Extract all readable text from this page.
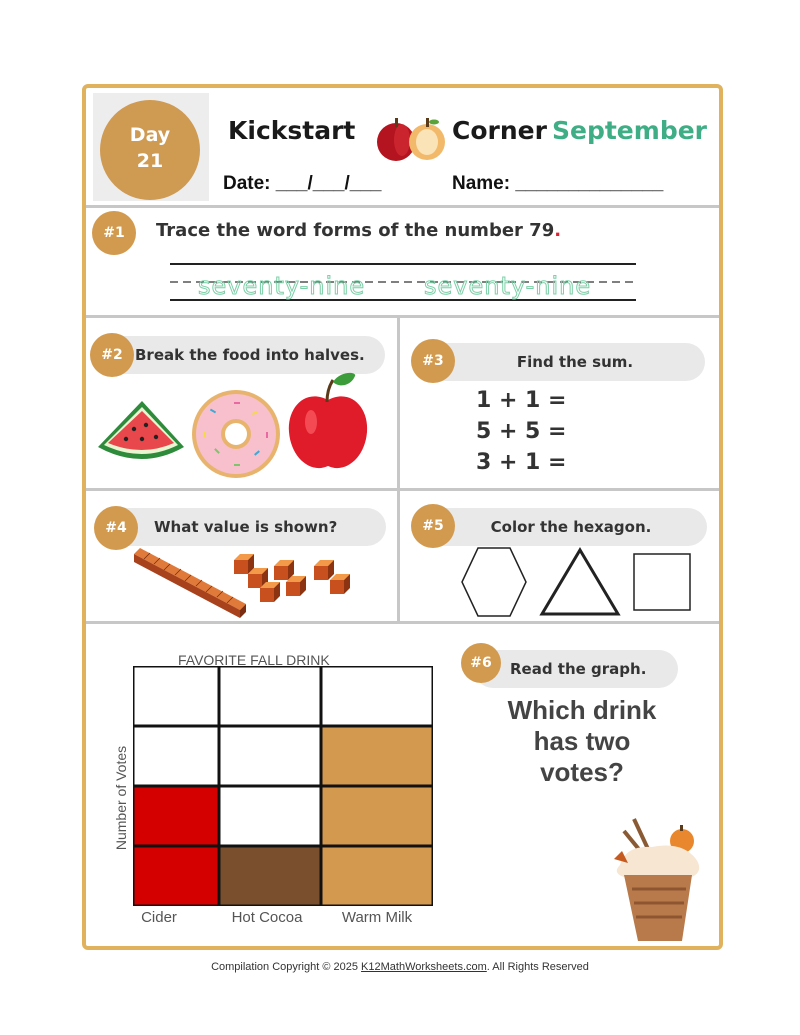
Day
21
Kickstart	Corner September
Date: ___/___/___	Name: ______________
#1	Trace the word forms of the number 79.
seventy-nine seventy-nine
Break the food into halves.
#2	Find the sum.
#3
1 + 1 =
5 + 5 =
3 + 1 =
What value is shown?
#4	Color the hexagon.
#5
FAVORITE FALL DRINK
Number of Votes
Cider	Hot Cocoa	Warm Milk
Read the graph.
#6
Which drink
has two
votes?
Compilation Copyright © 2025 K12MathWorksheets.com. All Rights Reserved
